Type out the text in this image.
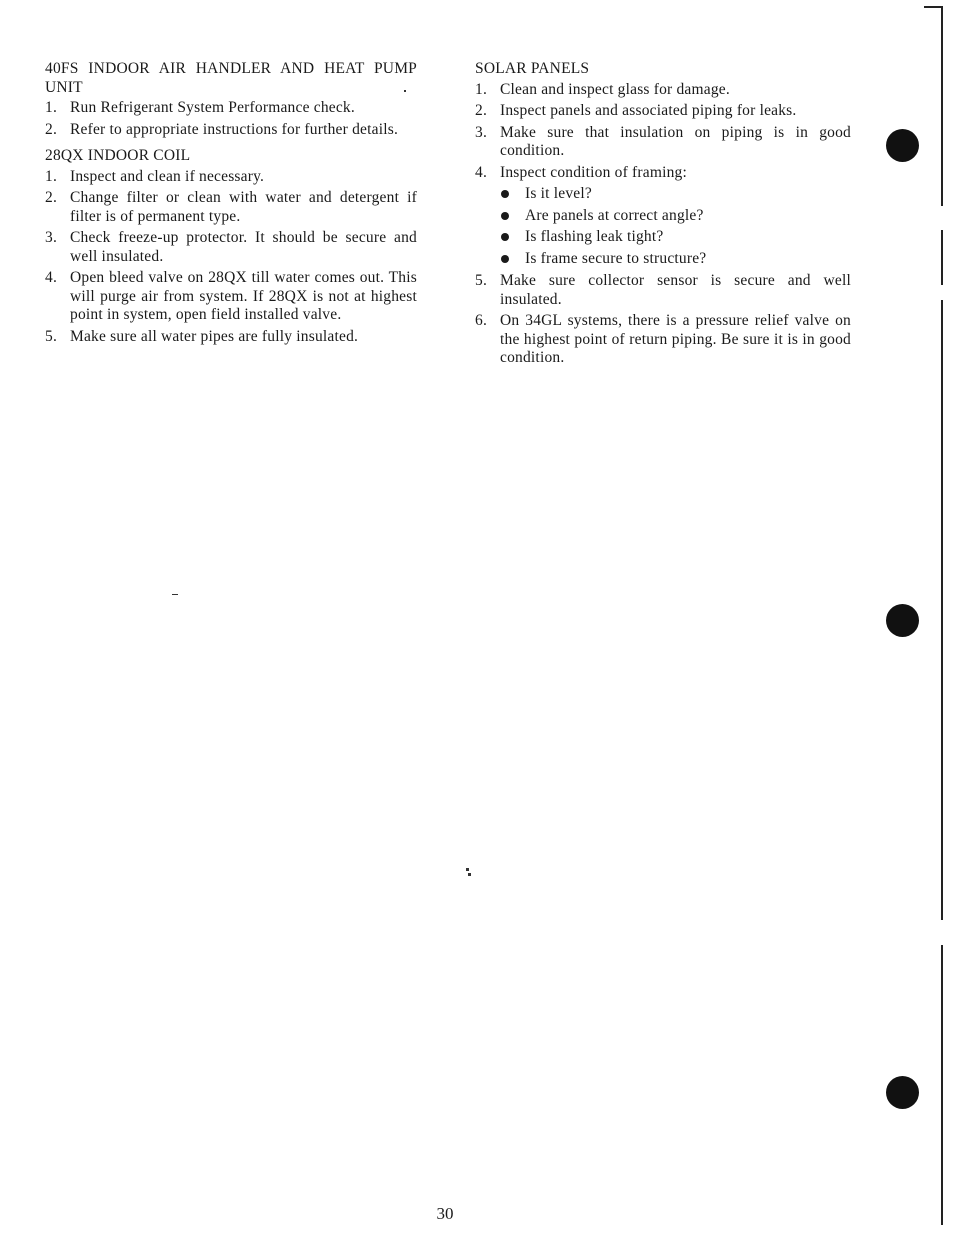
40FS INDOOR AIR HANDLER AND HEAT PUMP UNIT
1. Run Refrigerant System Performance check.
2. Refer to appropriate instructions for further details.
28QX INDOOR COIL
1. Inspect and clean if necessary.
2. Change filter or clean with water and detergent if filter is of permanent type.
3. Check freeze-up protector. It should be secure and well insulated.
4. Open bleed valve on 28QX till water comes out. This will purge air from system. If 28QX is not at highest point in system, open field installed valve.
5. Make sure all water pipes are fully insulated.
SOLAR PANELS
1. Clean and inspect glass for damage.
2. Inspect panels and associated piping for leaks.
3. Make sure that insulation on piping is in good condition.
4. Inspect condition of framing:
Is it level?
Are panels at correct angle?
Is flashing leak tight?
Is frame secure to structure?
5. Make sure collector sensor is secure and well insulated.
6. On 34GL systems, there is a pressure relief valve on the highest point of return piping. Be sure it is in good condition.
30
